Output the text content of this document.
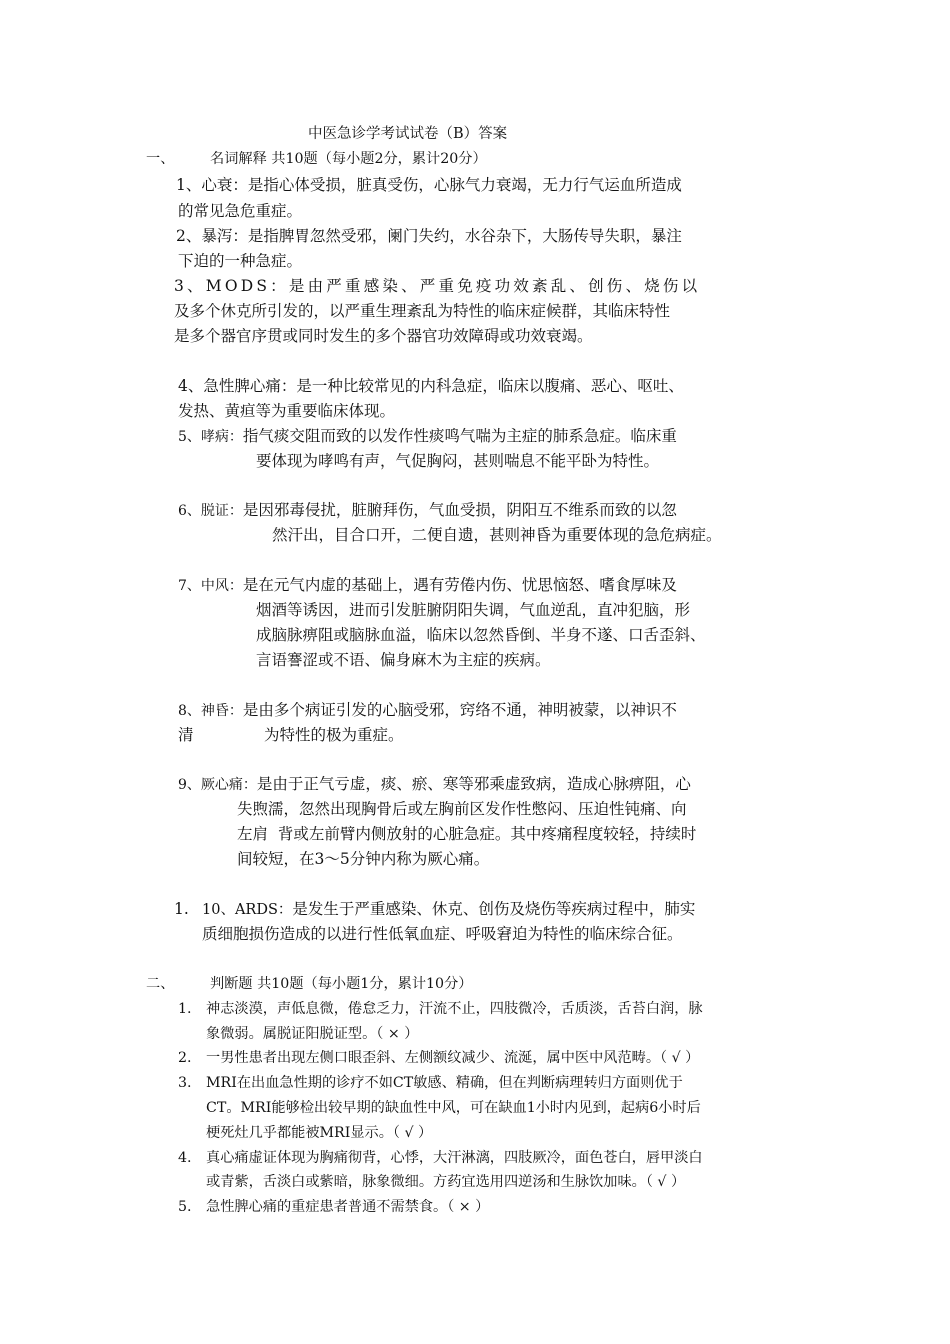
中医急诊学考试试卷（B）答案
一、	名词解释 共10题（每小题2分，累计20分）
1、心衰：是指心体受损，脏真受伤，心脉气力衰竭，无力行气运血所造成
的常见急危重症。
2、暴泻：是指脾胃忽然受邪，阑门失约，水谷杂下，大肠传导失职，暴注
下迫的一种急症。
3、MODS：是由严重感染、严重免疫功效紊乱、创伤、烧伤以
及多个休克所引发的，以严重生理紊乱为特性的临床症候群，其临床特性
是多个器官序贯或同时发生的多个器官功效障碍或功效衰竭。
4、急性脾心痛：是一种比较常见的内科急症，临床以腹痛、恶心、呕吐、
发热、黄疸等为重要临床体现。
5、哮病：指气痰交阻而致的以发作性痰鸣气喘为主症的肺系急症。临床重
要体现为哮鸣有声，气促胸闷，甚则喘息不能平卧为特性。
6、脱证：是因邪毒侵扰，脏腑拜伤，气血受损，阴阳互不维系而致的以忽
然汗出，目合口开，二便自遗，甚则神昏为重要体现的急危病症。
7、中风：是在元气内虚的基础上，遇有劳倦内伤、忧思恼怒、嗜食厚味及
烟酒等诱因，进而引发脏腑阴阳失调，气血逆乱，直冲犯脑，形
成脑脉痹阻或脑脉血溢，临床以忽然昏倒、半身不遂、口舌歪斜、
言语謇涩或不语、偏身麻木为主症的疾病。
8、神昏：是由多个病证引发的心脑受邪，窍络不通，神明被蒙，以神识不
清	为特性的极为重症。
9、厥心痛：是由于正气亏虚，痰、瘀、寒等邪乘虚致病，造成心脉痹阻，心
失煦濡，忽然出现胸骨后或左胸前区发作性憋闷、压迫性钝痛、向
左肩  背或左前臂内侧放射的心脏急症。其中疼痛程度较轻，持续时
间较短，在3～5分钟内称为厥心痛。
1. 10、ARDS：是发生于严重感染、休克、创伤及烧伤等疾病过程中，肺实
质细胞损伤造成的以进行性低氧血症、呼吸窘迫为特性的临床综合征。
二、	判断题 共10题（每小题1分，累计10分）
1. 神志淡漠，声低息微，倦怠乏力，汗流不止，四肢微冷，舌质淡，舌苔白润，脉
象微弱。属脱证阳脱证型。（ × ）
2. 一男性患者出现左侧口眼歪斜、左侧额纹减少、流涎，属中医中风范畴。（ √ ）
3. MRI在出血急性期的诊疗不如CT敏感、精确，但在判断病理转归方面则优于
CT。MRI能够检出较早期的缺血性中风，可在缺血1小时内见到，起病6小时后
梗死灶几乎都能被MRI显示。（ √ ）
4. 真心痛虚证体现为胸痛彻背，心悸，大汗淋漓，四肢厥冷，面色苍白，唇甲淡白
或青紫，舌淡白或紫暗，脉象微细。方药宜选用四逆汤和生脉饮加味。（ √ ）
5. 急性脾心痛的重症患者普通不需禁食。（ × ）
